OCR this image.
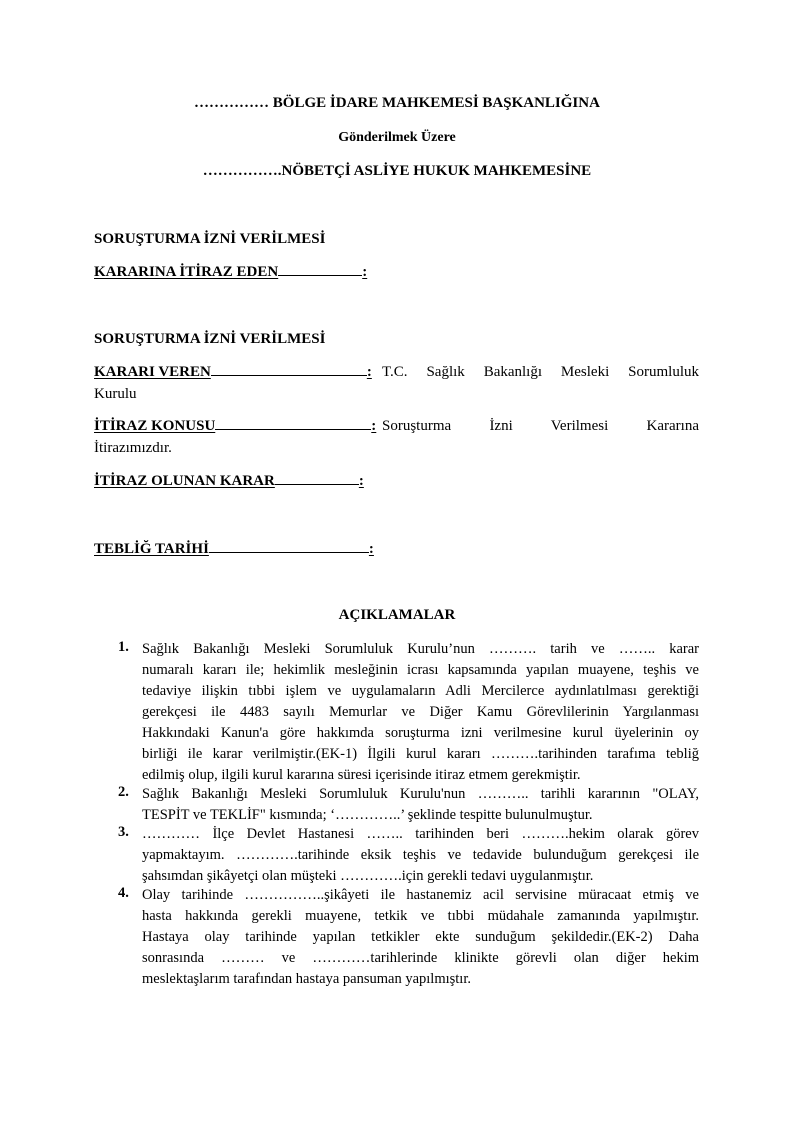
…………… BÖLGE İDARE MAHKEMESİ BAŞKANLIĞINA
Gönderilmek Üzere
…………….NÖBETÇİ ASLİYE HUKUK MAHKEMESİNE
SORUŞTURMA İZNİ VERİLMESİ
KARARINA İTİRAZ EDEN	:
SORUŞTURMA İZNİ VERİLMESİ
KARARI VEREN	: T.C. Sağlık Bakanlığı Mesleki Sorumluluk
Kurulu
İTİRAZ KONUSU	: Soruşturma İzni Verilmesi Kararına
İtirazımızdır.
İTİRAZ OLUNAN KARAR	:
TEBLİĞ TARİHİ	:
AÇIKLAMALAR
1. Sağlık Bakanlığı Mesleki Sorumluluk Kurulu’nun ………. tarih ve …….. karar
numaralı kararı ile; hekimlik mesleğinin icrası kapsamında yapılan muayene, teşhis ve
tedaviye ilişkin tıbbi işlem ve uygulamaların Adli Mercilerce aydınlatılması gerektiği
gerekçesi ile 4483 sayılı Memurlar ve Diğer Kamu Görevlilerinin Yargılanması
Hakkındaki Kanun'a göre hakkımda soruşturma izni verilmesine kurul üyelerinin oy
birliği ile karar verilmiştir.(EK-1) İlgili kurul kararı ……….tarihinden tarafıma tebliğ
edilmiş olup, ilgili kurul kararına süresi içerisinde itiraz etmem gerekmiştir.
2. Sağlık Bakanlığı Mesleki Sorumluluk Kurulu'nun ……….. tarihli kararının "OLAY,
TESPİT ve TEKLİF" kısmında; ‘…………..’ şeklinde tespitte bulunulmuştur.
3. ………… İlçe Devlet Hastanesi …….. tarihinden beri ……….hekim olarak görev
yapmaktayım. ………….tarihinde eksik teşhis ve tedavide bulunduğum gerekçesi ile
şahsımdan şikâyetçi olan müşteki ………….için gerekli tedavi uygulanmıştır.
4. Olay tarihinde ……………..şikâyeti ile hastanemiz acil servisine müracaat etmiş ve
hasta hakkında gerekli muayene, tetkik ve tıbbi müdahale zamanında yapılmıştır.
Hastaya olay tarihinde yapılan tetkikler ekte sunduğum şekildedir.(EK-2) Daha
sonrasında ……… ve …………tarihlerinde klinikte görevli olan diğer hekim
meslektaşlarım tarafından hastaya pansuman yapılmıştır.
